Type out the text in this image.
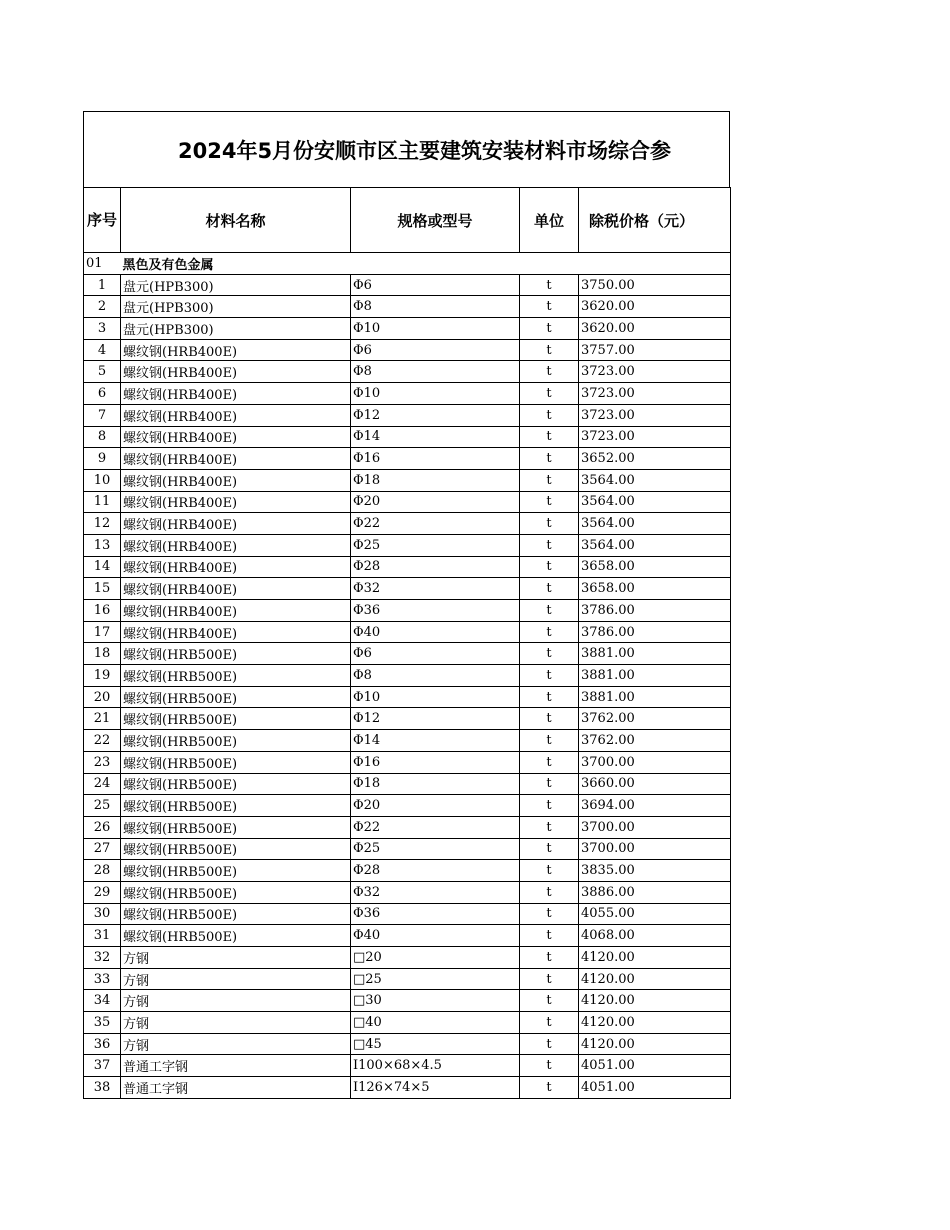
2024年5月份安顺市区主要建筑安装材料市场综合参
序号	材料名称	规格或型号	单位	除税价格（元）
01	黑色及有色金属			
1	盘元(HPB300)	Φ6	t	3750.00
2	盘元(HPB300)	Φ8	t	3620.00
3	盘元(HPB300)	Φ10	t	3620.00
4	螺纹钢(HRB400E)	Φ6	t	3757.00
5	螺纹钢(HRB400E)	Φ8	t	3723.00
6	螺纹钢(HRB400E)	Φ10	t	3723.00
7	螺纹钢(HRB400E)	Φ12	t	3723.00
8	螺纹钢(HRB400E)	Φ14	t	3723.00
9	螺纹钢(HRB400E)	Φ16	t	3652.00
10	螺纹钢(HRB400E)	Φ18	t	3564.00
11	螺纹钢(HRB400E)	Φ20	t	3564.00
12	螺纹钢(HRB400E)	Φ22	t	3564.00
13	螺纹钢(HRB400E)	Φ25	t	3564.00
14	螺纹钢(HRB400E)	Φ28	t	3658.00
15	螺纹钢(HRB400E)	Φ32	t	3658.00
16	螺纹钢(HRB400E)	Φ36	t	3786.00
17	螺纹钢(HRB400E)	Φ40	t	3786.00
18	螺纹钢(HRB500E)	Φ6	t	3881.00
19	螺纹钢(HRB500E)	Φ8	t	3881.00
20	螺纹钢(HRB500E)	Φ10	t	3881.00
21	螺纹钢(HRB500E)	Φ12	t	3762.00
22	螺纹钢(HRB500E)	Φ14	t	3762.00
23	螺纹钢(HRB500E)	Φ16	t	3700.00
24	螺纹钢(HRB500E)	Φ18	t	3660.00
25	螺纹钢(HRB500E)	Φ20	t	3694.00
26	螺纹钢(HRB500E)	Φ22	t	3700.00
27	螺纹钢(HRB500E)	Φ25	t	3700.00
28	螺纹钢(HRB500E)	Φ28	t	3835.00
29	螺纹钢(HRB500E)	Φ32	t	3886.00
30	螺纹钢(HRB500E)	Φ36	t	4055.00
31	螺纹钢(HRB500E)	Φ40	t	4068.00
32	方钢	□20	t	4120.00
33	方钢	□25	t	4120.00
34	方钢	□30	t	4120.00
35	方钢	□40	t	4120.00
36	方钢	□45	t	4120.00
37	普通工字钢	I100×68×4.5	t	4051.00
38	普通工字钢	I126×74×5	t	4051.00
